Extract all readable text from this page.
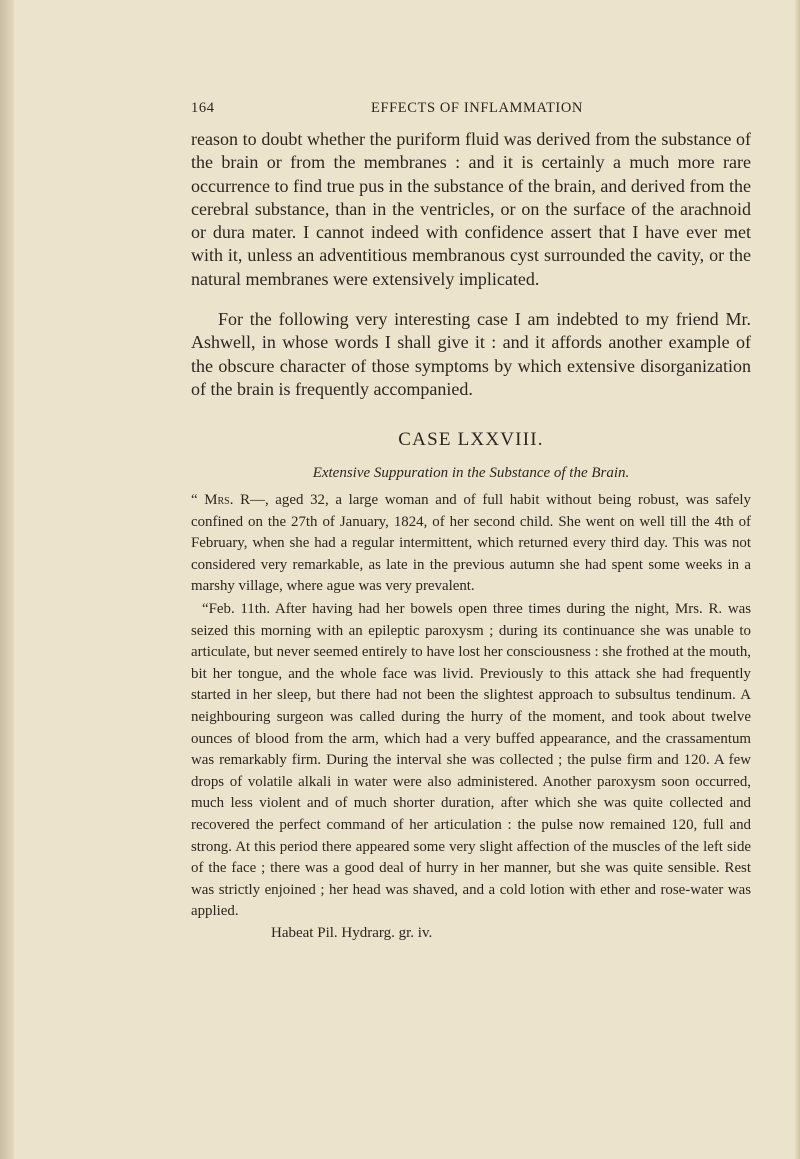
164	EFFECTS OF INFLAMMATION

reason to doubt whether the puriform fluid was derived from the substance of the brain or from the membranes : and it is certainly a much more rare occurrence to find true pus in the substance of the brain, and derived from the cerebral substance, than in the ventricles, or on the surface of the arachnoid or dura mater. I cannot indeed with confidence assert that I have ever met with it, unless an adventitious membranous cyst surrounded the cavity, or the natural membranes were extensively implicated.

For the following very interesting case I am indebted to my friend Mr. Ashwell, in whose words I shall give it : and it affords another example of the obscure character of those symptoms by which extensive disorganization of the brain is frequently accompanied.

CASE LXXVIII.
Extensive Suppuration in the Substance of the Brain.

“ Mrs. R—, aged 32, a large woman and of full habit without being robust, was safely confined on the 27th of January, 1824, of her second child. She went on well till the 4th of February, when she had a regular intermittent, which returned every third day. This was not considered very remarkable, as late in the previous autumn she had spent some weeks in a marshy village, where ague was very prevalent.

“Feb. 11th. After having had her bowels open three times during the night, Mrs. R. was seized this morning with an epileptic paroxysm ; during its continuance she was unable to articulate, but never seemed entirely to have lost her consciousness : she frothed at the mouth, bit her tongue, and the whole face was livid. Previously to this attack she had frequently started in her sleep, but there had not been the slightest approach to subsultus tendinum. A neighbouring surgeon was called during the hurry of the moment, and took about twelve ounces of blood from the arm, which had a very buffed appearance, and the crassamentum was remarkably firm. During the interval she was collected ; the pulse firm and 120. A few drops of volatile alkali in water were also administered. Another paroxysm soon occurred, much less violent and of much shorter duration, after which she was quite collected and recovered the perfect command of her articulation : the pulse now remained 120, full and strong. At this period there appeared some very slight affection of the muscles of the left side of the face ; there was a good deal of hurry in her manner, but she was quite sensible. Rest was strictly enjoined ; her head was shaved, and a cold lotion with ether and rose-water was applied.

Habeat Pil. Hydrarg. gr. iv.
